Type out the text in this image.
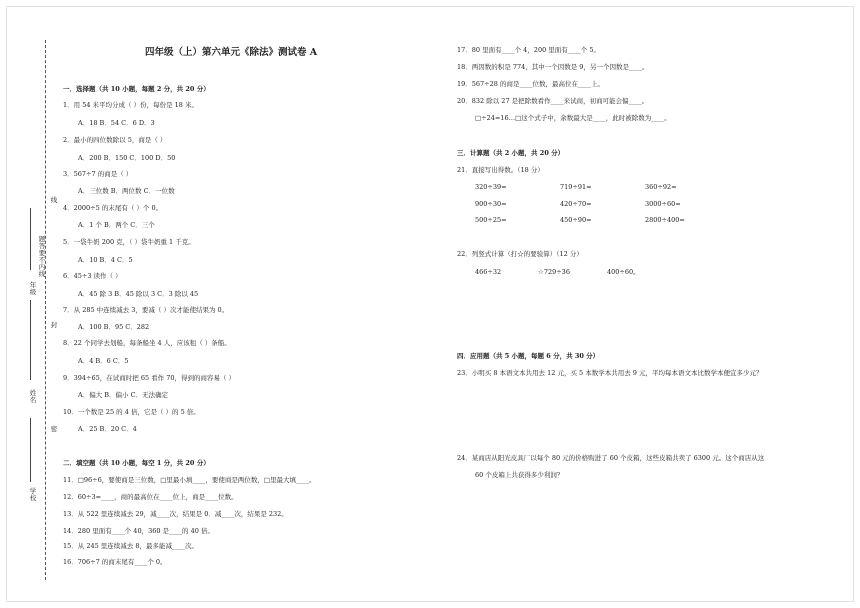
线
题 答 要 不 内 线
封
密
年级
姓名
学校
四年级（上）第六单元《除法》测试卷 A
一．选择题（共 10 小题，每题 2 分，共 20 分）
1．用 54 米平均分成（ ）份，每份是 18 米。
A．18 B．54 C．6 D．3
2．最小的四位数除以 5，商是（ ）
A．200 B．150 C．100 D．50
3．567÷7 的商是（ ）
A．三位数 B．两位数 C．一位数
4．2000÷5 的末尾有（ ）个 0。
A．1 个 B．两个 C．三个
5．一袋牛奶 200 克，（ ）袋牛奶重 1 千克。
A．10 B．4 C．5
6．45÷3 读作（ ）
A．45 除 3 B．45 除以 3 C．3 除以 45
7．从 285 中连续减去 3，要减（ ）次才能使结果为 0。
A．100 B．95 C．282
8．22 个同学去划船，每条船坐 4 人，应该租（ ）条船。
A．4 B．6 C．5
9．394÷65，在试商时把 65 看作 70，得到的商容易（ ）
A．偏大 B．偏小 C．无法确定
10．一个数是 25 的 4 倍，它是（ ）的 5 倍。
A．25 B．20 C．4
二．填空题（共 10 小题，每空 1 分，共 20 分）
11．□96÷6，要使商是三位数，□里最小填____，要使商是两位数，□里最大填____。
12．60÷3=____，商的最高位在____位上，商是____位数。
13．从 522 里连续减去 29，减____次，结果是 0．减____次，结果是 232。
14．280 里面有____个 40，360 是____的 40 倍。
15．从 245 里连续减去 8，最多能减____次。
16．706÷7 的商末尾有____个 0。
17．80 里面有____个 4，200 里面有____个 5。
18．两因数的积是 774，其中一个因数是 9，另一个因数是____。
19．567÷28 的商是____位数，最高位在____上。
20．832 除以 27 是把除数看作____来试商，初商可能会偏____。
□÷24=16…□这个式子中，余数最大是____，此时被除数为____。
三．计算题（共 2 小题，共 20 分）
21．直接写出得数。（18 分）
320÷39≈	719÷91≈	360÷92≈
900÷30=	420÷70=	3000÷60=
500÷25=	450÷90=	2800÷400=
22．列竖式计算（打☆的要验算）（12 分）
466÷32	☆729÷36	400÷60。
四．应用题（共 5 小题，每题 6 分，共 30 分）
23．小明买 8 本语文本共用去 12 元，买 5 本数学本共用去 9 元，平均每本语文本比数学本便宜多少元？
24．某商店从阳光皮具厂以每个 80 元的价格购进了 60 个皮箱，这些皮箱共卖了 6300 元。这个商店从这
60 个皮箱上共获得多少利润？
